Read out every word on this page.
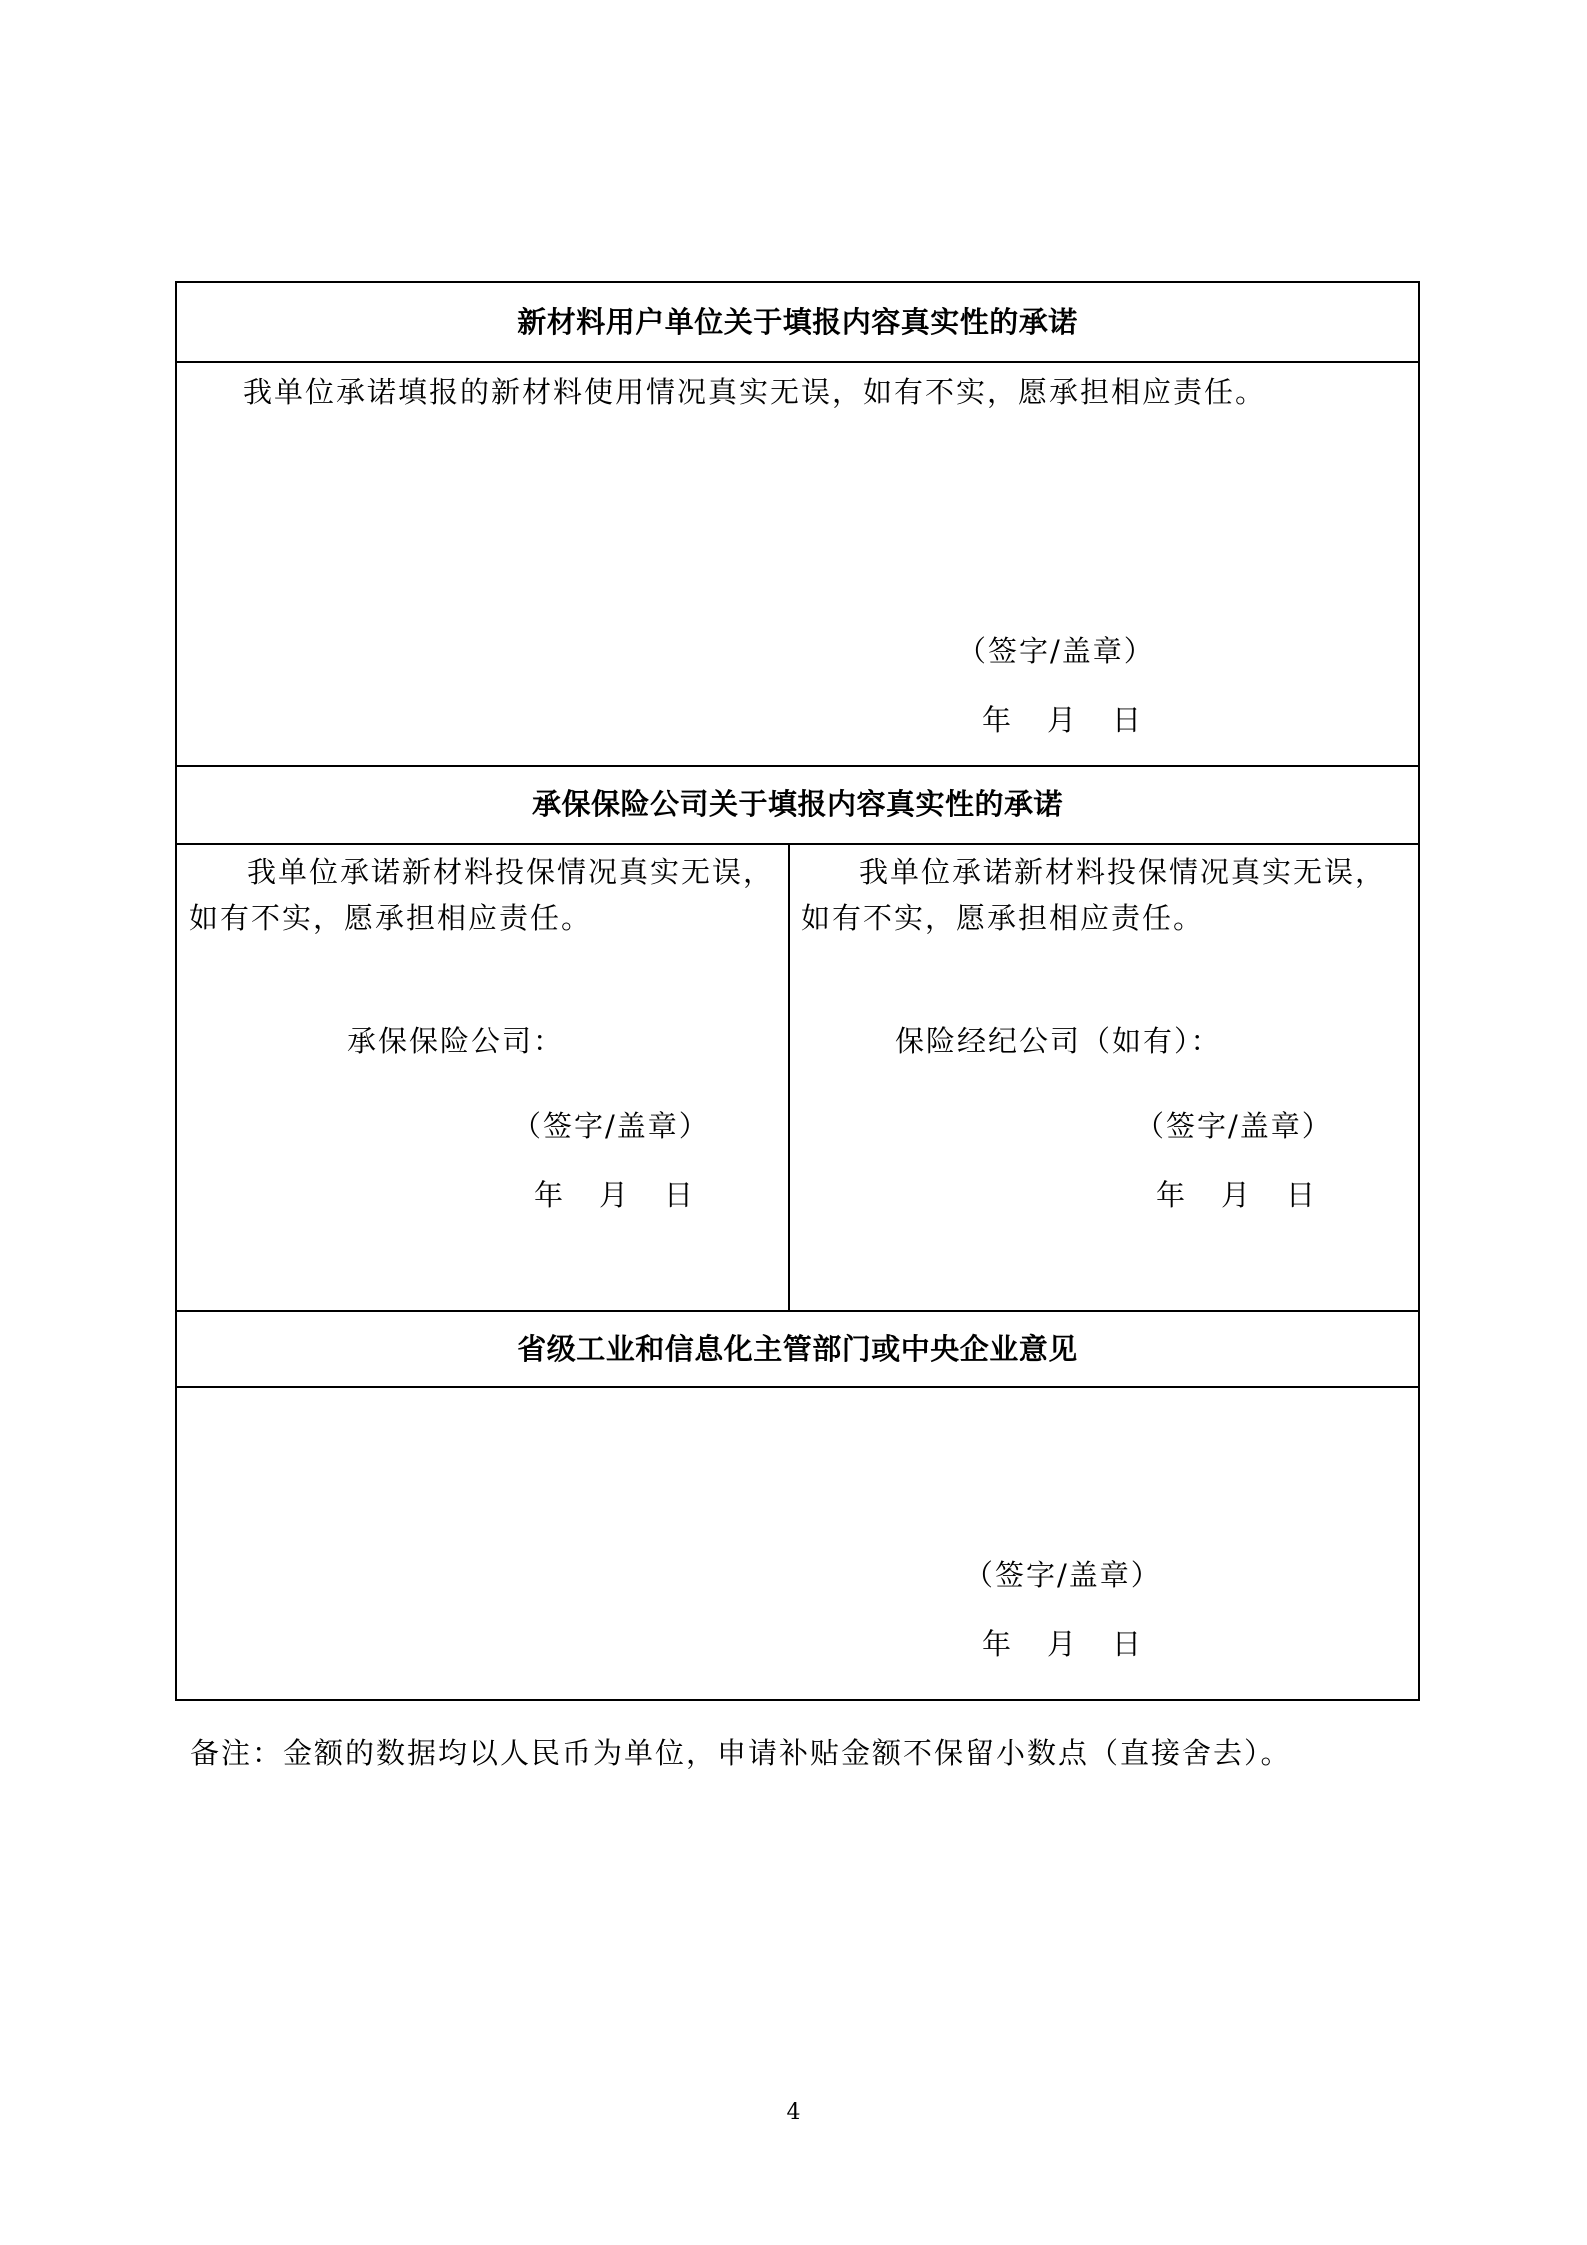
新材料用户单位关于填报内容真实性的承诺

我单位承诺填报的新材料使用情况真实无误，如有不实，愿承担相应责任。

（签字/盖章）
年 月 日
承保保险公司关于填报内容真实性的承诺

我单位承诺新材料投保情况真实无误，如有不实，愿承担相应责任。

承保保险公司：
（签字/盖章）
年 月 日

我单位承诺新材料投保情况真实无误，如有不实，愿承担相应责任。

保险经纪公司（如有）：
（签字/盖章）
年 月 日
省级工业和信息化主管部门或中央企业意见
（签字/盖章）
年 月 日
备注：金额的数据均以人民币为单位，申请补贴金额不保留小数点（直接舍去）。
4
